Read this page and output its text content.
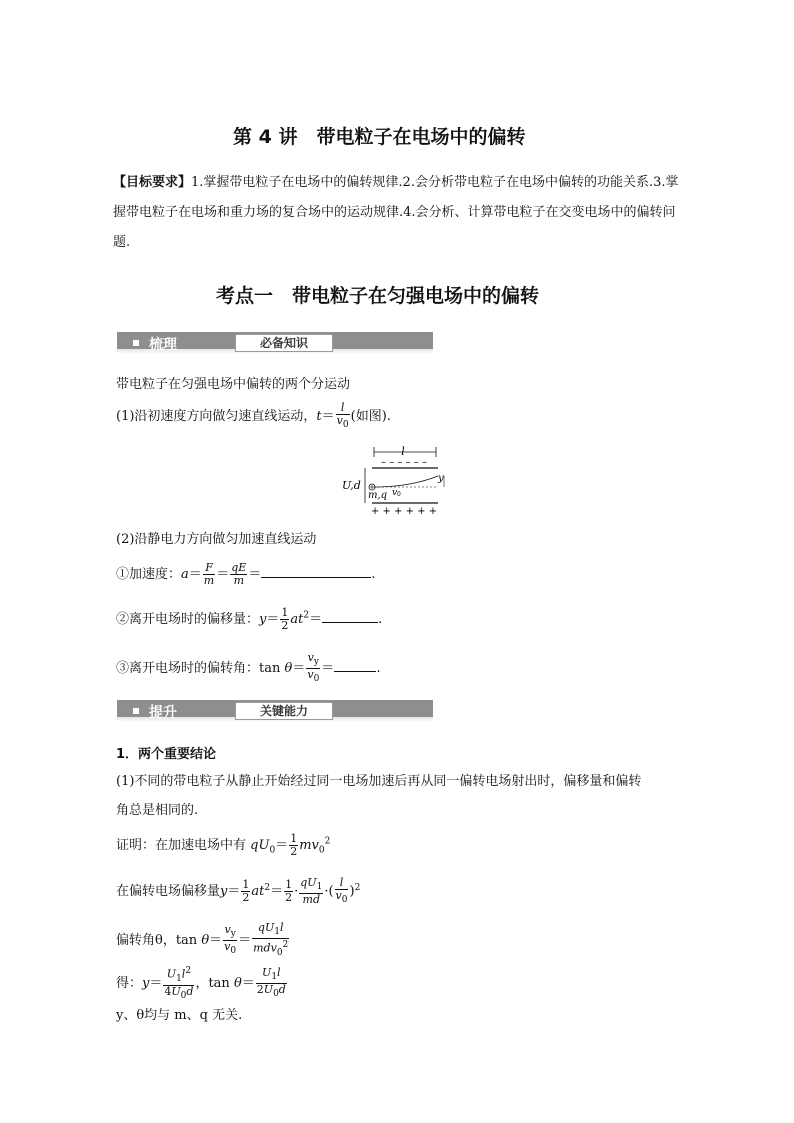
第 4 讲　带电粒子在电场中的偏转
【目标要求】1.掌握带电粒子在电场中的偏转规律.2.会分析带电粒子在电场中偏转的功能关系.3.掌握带电粒子在电场和重力场的复合场中的运动规律.4.会分析、计算带电粒子在交变电场中的偏转问题.
考点一　带电粒子在匀强电场中的偏转
梳理	必备知识
带电粒子在匀强电场中偏转的两个分运动
(1)沿初速度方向做匀速直线运动，$t= \frac{l}{v_0}$ (如图).
l
– – – – – –
+ + + + + +
U,d
m,q v 0
y
(2)沿静电力方向做匀加速直线运动
①加速度：$a= \frac{F}{m} = \frac{qE}{m}$ ＝	.
②离开电场时的偏移量：$y= \frac{1}{2} at^2=$	.
③离开电场时的偏转角：$\tan \theta= \frac{v_y}{v_0}$ ＝	.
提升	关键能力
1．两个重要结论
(1)不同的带电粒子从静止开始经过同一电场加速后再从同一偏转电场射出时，偏移量和偏转
角总是相同的.
证明：在加速电场中有 $qU_0= \frac{1}{2} mv_0^2$
在偏转电场偏移量$y= \frac{1}{2} at^2= \frac{1}{2} \cdot \frac{qU_1}{md}$ ·( $\frac{l}{v_0} )^2$
偏转角θ，$\tan \theta= \frac{v_y}{v_0} = \frac{qU_1l}{mdv_0^2}$
得：$y= \frac{U_1l^2}{4U_0d}$ ，$\tan \theta= \frac{U_1l}{2U_0d}$
y、θ均与 m、q 无关.
